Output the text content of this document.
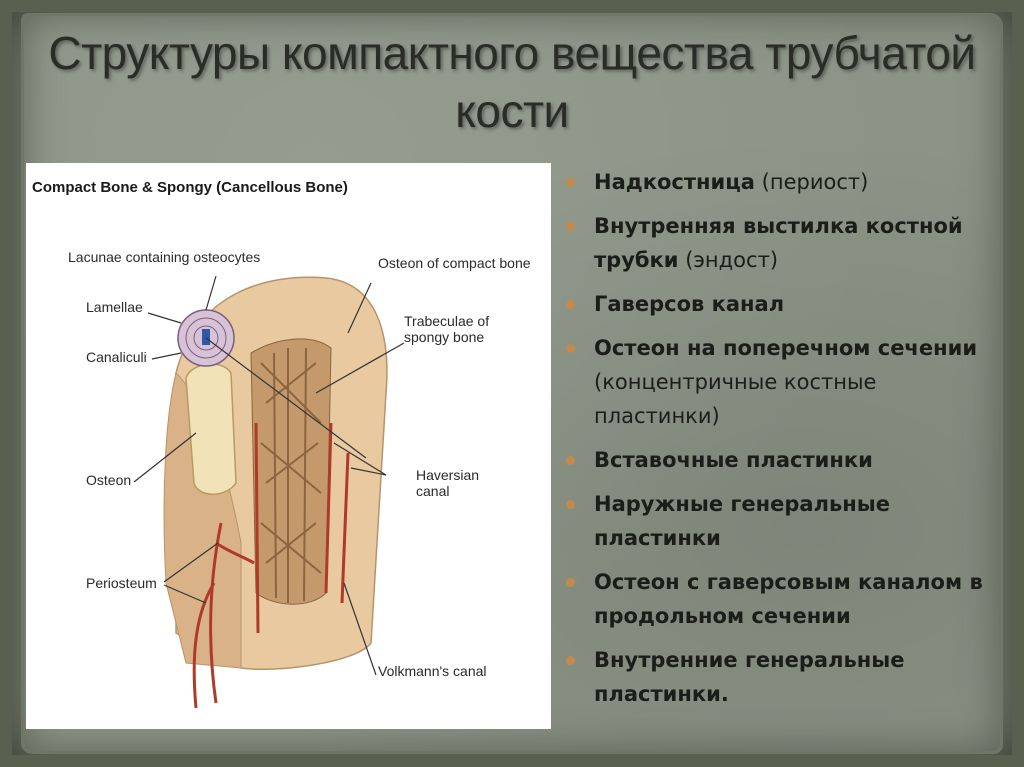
Структуры компактного вещества трубчатой кости
Compact Bone & Spongy (Cancellous Bone)
Lacunae containing osteocytes
Lamellae
Canaliculi
Osteon
Periosteum
Osteon of compact bone
Trabeculae of spongy bone
Haversian canal
Volkmann's canal
Надкостница (периост)
Внутренняя выстилка костной трубки (эндост)
Гаверсов канал
Остеон на поперечном сечении (концентричные костные пластинки)
Вставочные пластинки
Наружные генеральные пластинки
Остеон с гаверсовым каналом в продольном сечении
Внутренние генеральные пластинки.
